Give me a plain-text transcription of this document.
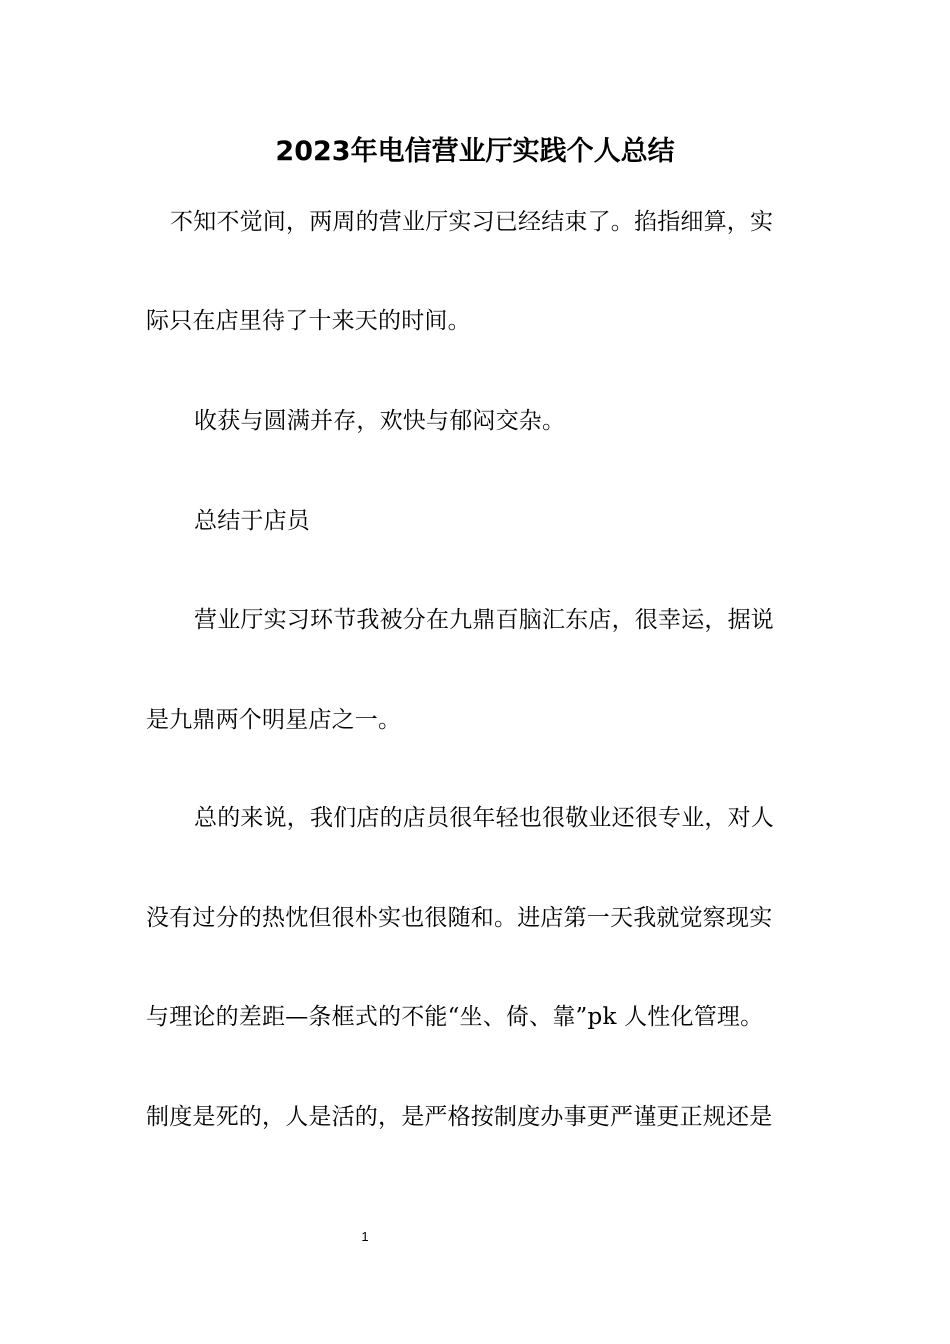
2023年电信营业厅实践个人总结
不知不觉间，两周的营业厅实习已经结束了。掐指细算，实
际只在店里待了十来天的时间。
收获与圆满并存，欢快与郁闷交杂。
总结于店员
营业厅实习环节我被分在九鼎百脑汇东店，很幸运，据说
是九鼎两个明星店之一。
总的来说，我们店的店员很年轻也很敬业还很专业，对人
没有过分的热忱但很朴实也很随和。进店第一天我就觉察现实
与理论的差距—条框式的不能“坐、倚、靠”pk 人性化管理。
制度是死的，人是活的，是严格按制度办事更严谨更正规还是
1
